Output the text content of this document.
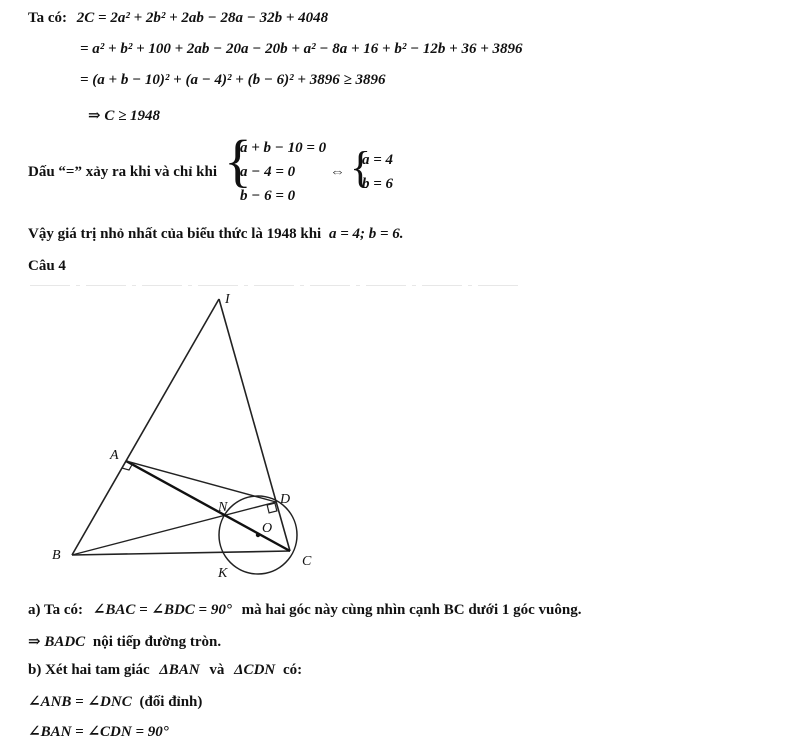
Ta có: 2C = 2a² + 2b² + 2ab − 28a − 32b + 4048
= a² + b² + 100 + 2ab − 20a − 20b + a² − 8a + 16 + b² − 12b + 36 + 3896
= (a + b − 10)² + (a − 4)² + (b − 6)² + 3896 ≥ 3896
⇒ C ≥ 1948
Dấu “=” xảy ra khi và chỉ khi {
a + b − 10 = 0
a − 4 = 0
b − 6 = 0
⇔ {
a = 4
b = 6
Vậy giá trị nhỏ nhất của biểu thức là 1948 khi a = 4; b = 6.
Câu 4
I
A
B	C
D
N
O
K
a) Ta có: ∠BAC = ∠BDC = 90° mà hai góc này cùng nhìn cạnh BC dưới 1 góc vuông.
⇒ BADC nội tiếp đường tròn.
b) Xét hai tam giác ΔBAN và ΔCDN có:
∠ANB = ∠DNC (đối đỉnh)
∠BAN = ∠CDN = 90°
